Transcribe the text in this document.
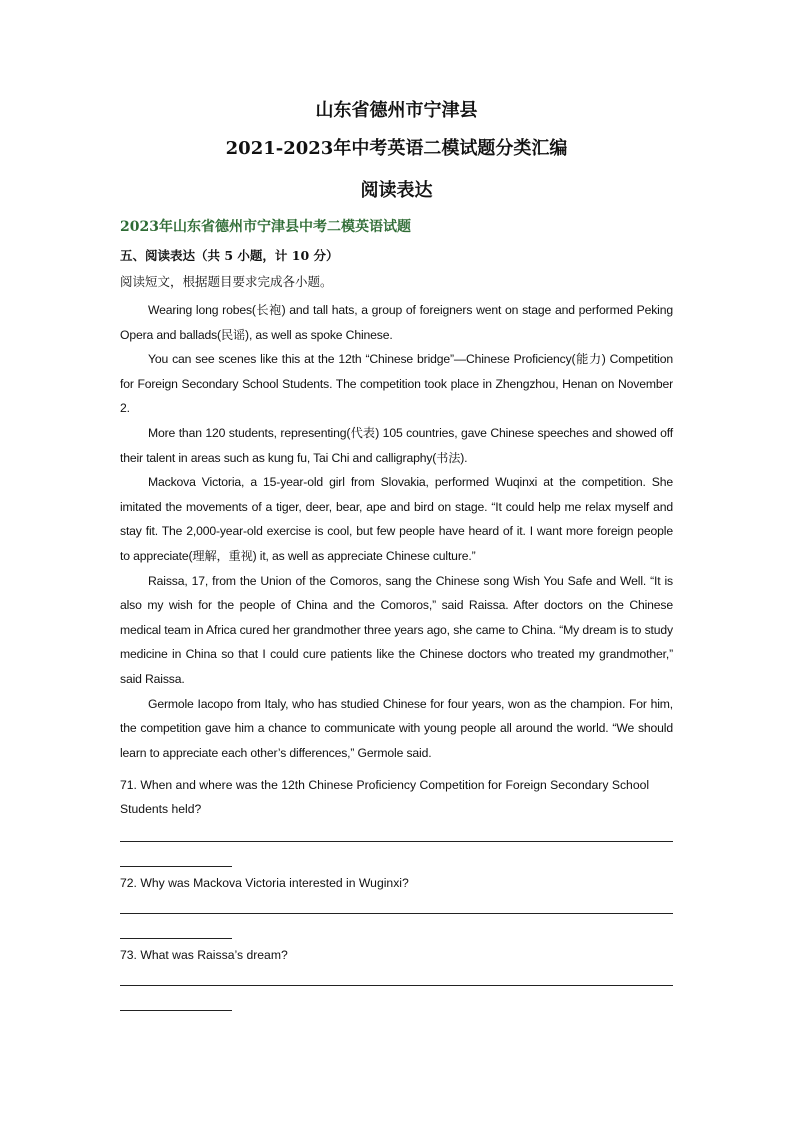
山东省德州市宁津县
2021-2023年中考英语二模试题分类汇编
阅读表达
2023年山东省德州市宁津县中考二模英语试题
五、阅读表达（共 5 小题，计 10 分）
阅读短文，根据题目要求完成各小题。

Wearing long robes(长袍) and tall hats, a group of foreigners went on stage and performed Peking Opera and ballads(民谣), as well as spoke Chinese.

You can see scenes like this at the 12th “Chinese bridge”—Chinese Proficiency(能力) Competition for Foreign Secondary School Students. The competition took place in Zhengzhou, Henan on November 2.

More than 120 students, representing(代表) 105 countries, gave Chinese speeches and showed off their talent in areas such as kung fu, Tai Chi and calligraphy(书法).

Mackova Victoria, a 15-year-old girl from Slovakia, performed Wuqinxi at the competition. She imitated the movements of a tiger, deer, bear, ape and bird on stage. “It could help me relax myself and stay fit. The 2,000-year-old exercise is cool, but few people have heard of it. I want more foreign people to appreciate(理解，重视) it, as well as appreciate Chinese culture.”

Raissa, 17, from the Union of the Comoros, sang the Chinese song Wish You Safe and Well. “It is also my wish for the people of China and the Comoros,” said Raissa. After doctors on the Chinese medical team in Africa cured her grandmother three years ago, she came to China. “My dream is to study medicine in China so that I could cure patients like the Chinese doctors who treated my grandmother,” said Raissa.

Germole Iacopo from Italy, who has studied Chinese for four years, won as the champion. For him, the competition gave him a chance to communicate with young people all around the world. “We should learn to appreciate each other’s differences,” Germole said.

71. When and where was the 12th Chinese Proficiency Competition for Foreign Secondary School Students held?
72. Why was Mackova Victoria interested in Wuginxi?
73. What was Raissa’s dream?
